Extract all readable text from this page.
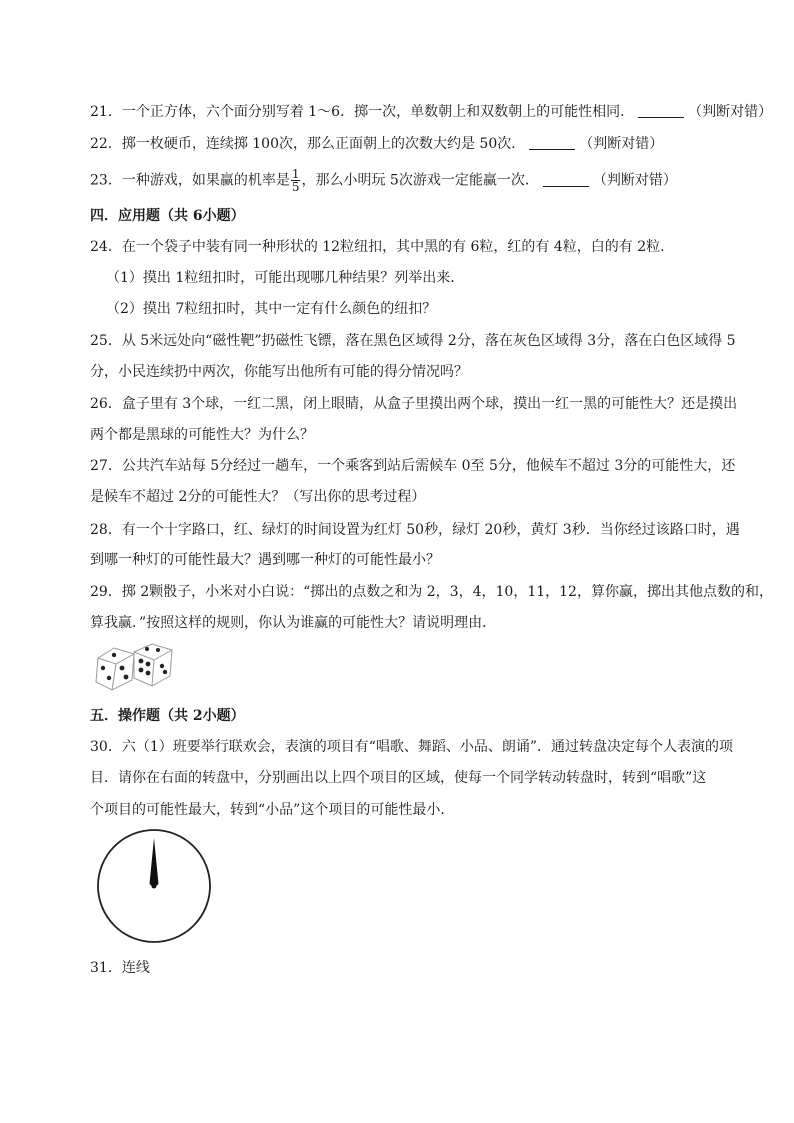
21．一个正方体，六个面分别写着 1～6．掷一次，单数朝上和双数朝上的可能性相同．	（判断对错）
22．掷一枚硬币，连续掷 100次，那么正面朝上的次数大约是 50次．	（判断对错）
23．一种游戏，如果赢的机率是 $\frac{1}{5}$ ，那么小明玩 5次游戏一定能赢一次．	（判断对错）
四．应用题（共 6小题）
24．在一个袋子中装有同一种形状的 12粒纽扣，其中黑的有 6粒，红的有 4粒，白的有 2粒．
（1）摸出 1粒纽扣时，可能出现哪几种结果？列举出来．
（2）摸出 7粒纽扣时，其中一定有什么颜色的纽扣？
25．从 5米远处向“磁性靶”扔磁性飞镖，落在黑色区域得 2分，落在灰色区域得 3分，落在白色区域得 5
分，小民连续扔中两次，你能写出他所有可能的得分情况吗？
26．盒子里有 3个球，一红二黑，闭上眼睛，从盒子里摸出两个球，摸出一红一黑的可能性大？还是摸出
两个都是黑球的可能性大？为什么？
27．公共汽车站每 5分经过一趟车，一个乘客到站后需候车 0至 5分，他候车不超过 3分的可能性大，还
是候车不超过 2分的可能性大？（写出你的思考过程）
28．有一个十字路口，红、绿灯的时间设置为红灯 50秒，绿灯 20秒，黄灯 3秒．当你经过该路口时，遇
到哪一种灯的可能性最大？遇到哪一种灯的可能性最小？
29．掷 2颗骰子，小米对小白说：“掷出的点数之和为 2，3，4，10，11，12，算你赢，掷出其他点数的和，
算我赢．”按照这样的规则，你认为谁赢的可能性大？请说明理由．
五．操作题（共 2小题）
30．六（1）班要举行联欢会，表演的项目有“唱歌、舞蹈、小品、朗诵”．通过转盘决定每个人表演的项
目．请你在右面的转盘中，分别画出以上四个项目的区域，使每一个同学转动转盘时，转到“唱歌”这
个项目的可能性最大，转到“小品”这个项目的可能性最小．
31．连线
